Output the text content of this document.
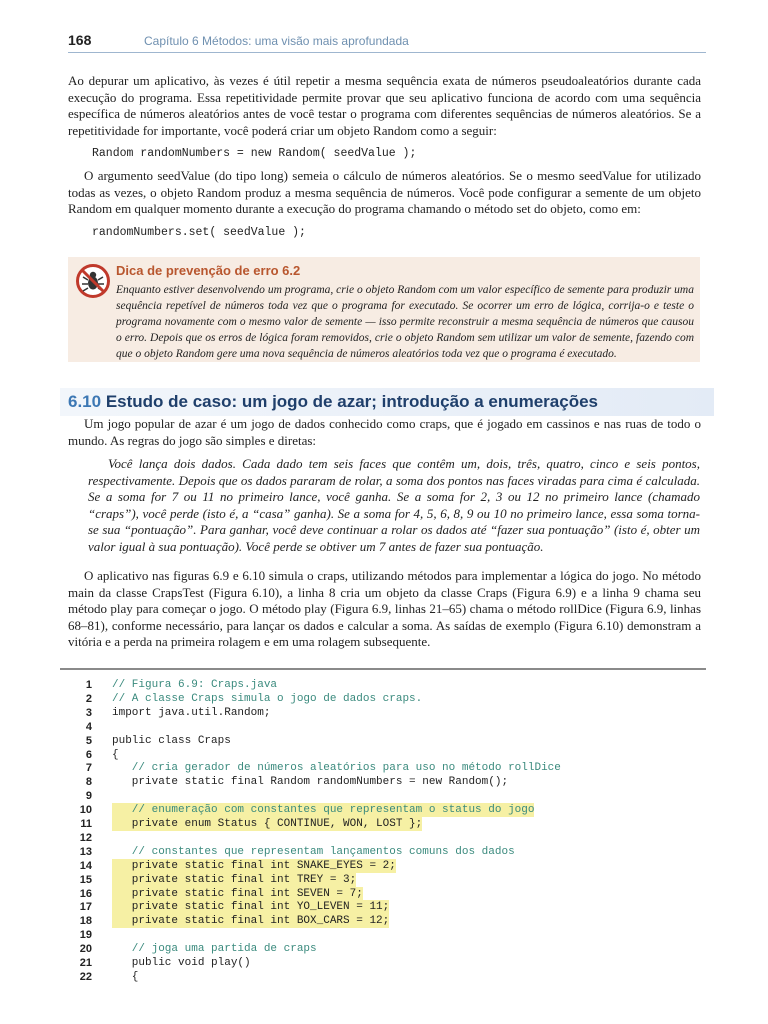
168	Capítulo 6 Métodos: uma visão mais aprofundada

Ao depurar um aplicativo, às vezes é útil repetir a mesma sequência exata de números pseudoaleatórios durante cada execução do programa. Essa repetitividade permite provar que seu aplicativo funciona de acordo com uma sequência específica de números aleatórios antes de você testar o programa com diferentes sequências de números aleatórios. Se a repetitividade for importante, você poderá criar um objeto Random como a seguir:

Random randomNumbers = new Random( seedValue );

O argumento seedValue (do tipo long) semeia o cálculo de números aleatórios. Se o mesmo seedValue for utilizado todas as vezes, o objeto Random produz a mesma sequência de números. Você pode configurar a semente de um objeto Random em qualquer momento durante a execução do programa chamando o método set do objeto, como em:

randomNumbers.set( seedValue );
Dica de prevenção de erro 6.2

Enquanto estiver desenvolvendo um programa, crie o objeto Random com um valor específico de semente para produzir uma sequência repetível de números toda vez que o programa for executado. Se ocorrer um erro de lógica, corrija-o e teste o programa novamente com o mesmo valor de semente — isso permite reconstruir a mesma sequência de números que causou o erro. Depois que os erros de lógica foram removidos, crie o objeto Random sem utilizar um valor de semente, fazendo com que o objeto Random gere uma nova sequência de números aleatórios toda vez que o programa é executado.

6.10 Estudo de caso: um jogo de azar; introdução a enumerações

Um jogo popular de azar é um jogo de dados conhecido como craps, que é jogado em cassinos e nas ruas de todo o mundo. As regras do jogo são simples e diretas:

Você lança dois dados. Cada dado tem seis faces que contêm um, dois, três, quatro, cinco e seis pontos, respectivamente. Depois que os dados pararam de rolar, a soma dos pontos nas faces viradas para cima é calculada. Se a soma for 7 ou 11 no primeiro lance, você ganha. Se a soma for 2, 3 ou 12 no primeiro lance (chamado “craps”), você perde (isto é, a “casa” ganha). Se a soma for 4, 5, 6, 8, 9 ou 10 no primeiro lance, essa soma torna-se sua “pontuação”. Para ganhar, você deve continuar a rolar os dados até “fazer sua pontuação” (isto é, obter um valor igual à sua pontuação). Você perde se obtiver um 7 antes de fazer sua pontuação.

O aplicativo nas figuras 6.9 e 6.10 simula o craps, utilizando métodos para implementar a lógica do jogo. No método main da classe CrapsTest (Figura 6.10), a linha 8 cria um objeto da classe Craps (Figura 6.9) e a linha 9 chama seu método play para começar o jogo. O método play (Figura 6.9, linhas 21–65) chama o método rollDice (Figura 6.9, linhas 68–81), conforme necessário, para lançar os dados e calcular a soma. As saídas de exemplo (Figura 6.10) demonstram a vitória e a perda na primeira rolagem e em uma rolagem subsequente.

1 // Figura 6.9: Craps.java
2 // A classe Craps simula o jogo de dados craps.
3 import java.util.Random;
4
5 public class Craps
6 {
7 // cria gerador de números aleatórios para uso no método rollDice
8 private static final Random randomNumbers = new Random();
9
10 // enumeração com constantes que representam o status do jogo
11 private enum Status { CONTINUE, WON, LOST };
12
13 // constantes que representam lançamentos comuns dos dados
14 private static final int SNAKE_EYES = 2;
15 private static final int TREY = 3;
16 private static final int SEVEN = 7;
17 private static final int YO_LEVEN = 11;
18 private static final int BOX_CARS = 12;
19
20 // joga uma partida de craps
21 public void play()
22 {
